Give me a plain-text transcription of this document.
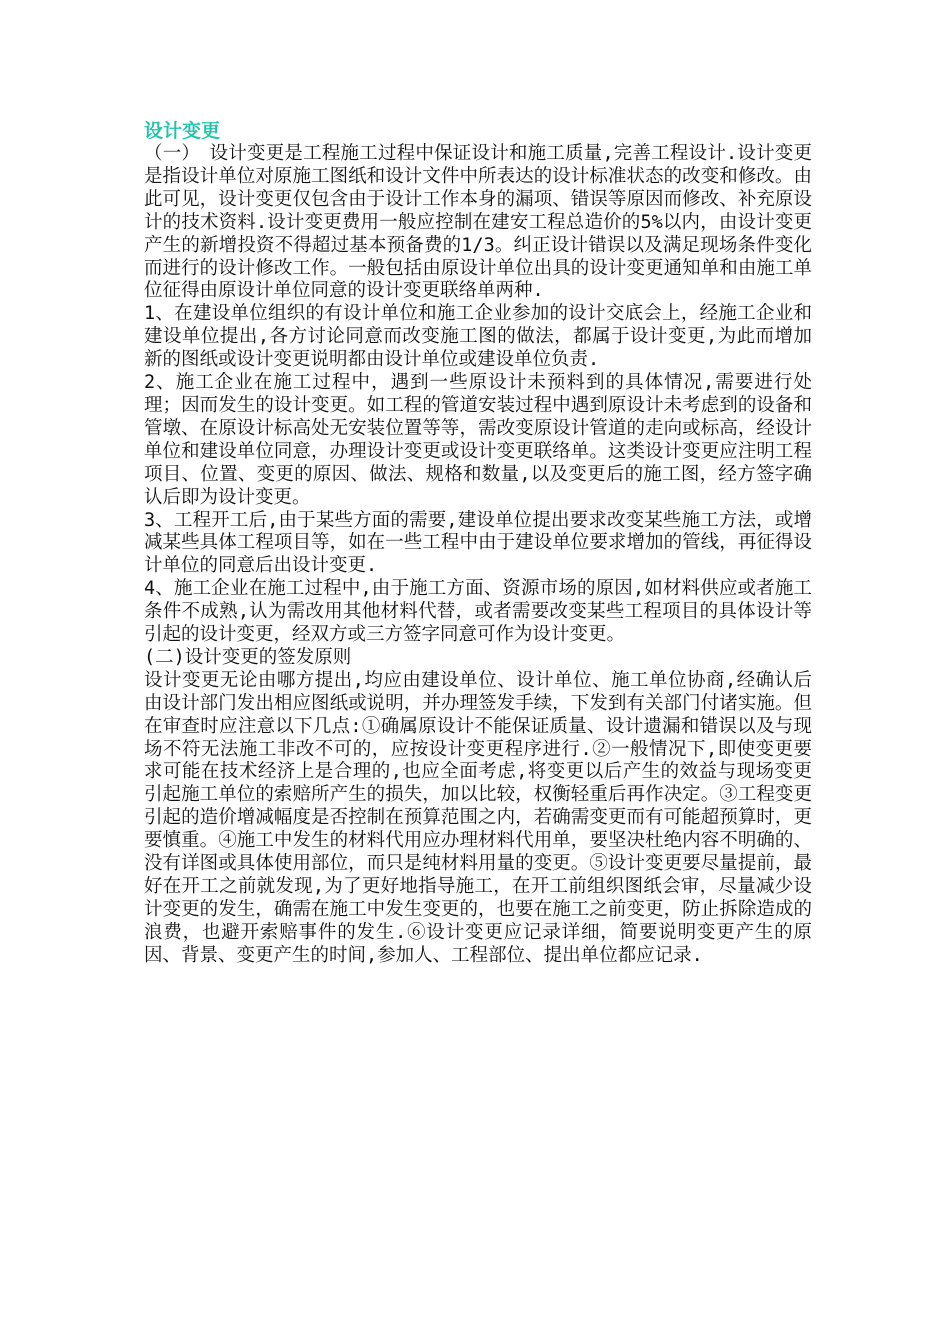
设计变更

（一）　设计变更是工程施工过程中保证设计和施工质量,完善工程设计.设计变更是指设计单位对原施工图纸和设计文件中所表达的设计标准状态的改变和修改。由此可见，设计变更仅包含由于设计工作本身的漏项、错误等原因而修改、补充原设计的技术资料.设计变更费用一般应控制在建安工程总造价的5%以内，由设计变更产生的新增投资不得超过基本预备费的1/3。纠正设计错误以及满足现场条件变化而进行的设计修改工作。一般包括由原设计单位出具的设计变更通知单和由施工单位征得由原设计单位同意的设计变更联络单两种.

1、在建设单位组织的有设计单位和施工企业参加的设计交底会上，经施工企业和建设单位提出,各方讨论同意而改变施工图的做法，都属于设计变更,为此而增加新的图纸或设计变更说明都由设计单位或建设单位负责.

2、施工企业在施工过程中，遇到一些原设计未预料到的具体情况,需要进行处理；因而发生的设计变更。如工程的管道安装过程中遇到原设计未考虑到的设备和管墩、在原设计标高处无安装位置等等，需改变原设计管道的走向或标高，经设计单位和建设单位同意，办理设计变更或设计变更联络单。这类设计变更应注明工程项目、位置、变更的原因、做法、规格和数量,以及变更后的施工图，经方签字确认后即为设计变更。

3、工程开工后,由于某些方面的需要,建设单位提出要求改变某些施工方法，或增减某些具体工程项目等，如在一些工程中由于建设单位要求增加的管线，再征得设计单位的同意后出设计变更.

4、施工企业在施工过程中,由于施工方面、资源市场的原因,如材料供应或者施工条件不成熟,认为需改用其他材料代替，或者需要改变某些工程项目的具体设计等引起的设计变更，经双方或三方签字同意可作为设计变更。

(二)设计变更的签发原则

设计变更无论由哪方提出,均应由建设单位、设计单位、施工单位协商,经确认后由设计部门发出相应图纸或说明，并办理签发手续，下发到有关部门付诸实施。但在审查时应注意以下几点:①确属原设计不能保证质量、设计遗漏和错误以及与现场不符无法施工非改不可的，应按设计变更程序进行.②一般情况下,即使变更要求可能在技术经济上是合理的,也应全面考虑,将变更以后产生的效益与现场变更引起施工单位的索赔所产生的损失，加以比较，权衡轻重后再作决定。③工程变更引起的造价增减幅度是否控制在预算范围之内，若确需变更而有可能超预算时，更要慎重。④施工中发生的材料代用应办理材料代用单，要坚决杜绝内容不明确的、没有详图或具体使用部位，而只是纯材料用量的变更。⑤设计变更要尽量提前，最好在开工之前就发现,为了更好地指导施工，在开工前组织图纸会审，尽量减少设计变更的发生，确需在施工中发生变更的，也要在施工之前变更，防止拆除造成的浪费，也避开索赔事件的发生.⑥设计变更应记录详细，简要说明变更产生的原因、背景、变更产生的时间,参加人、工程部位、提出单位都应记录.
